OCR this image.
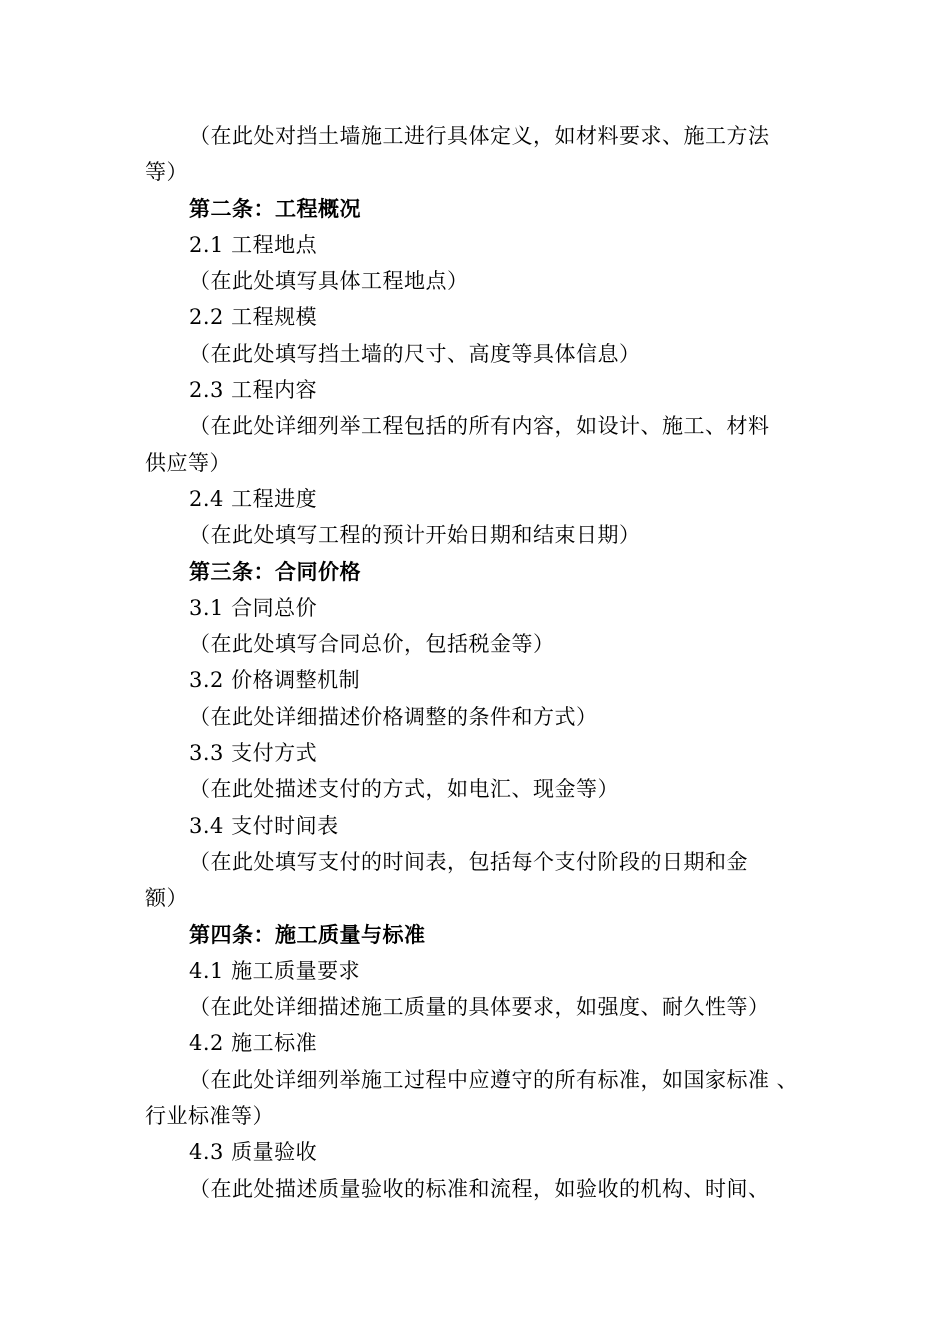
（在此处对挡土墙施工进行具体定义，如材料要求、施工方法
等）
第二条：工程概况
2.1 工程地点
（在此处填写具体工程地点）
2.2 工程规模
（在此处填写挡土墙的尺寸、高度等具体信息）
2.3 工程内容
（在此处详细列举工程包括的所有内容，如设计、施工、材料
供应等）
2.4 工程进度
（在此处填写工程的预计开始日期和结束日期）
第三条：合同价格
3.1 合同总价
（在此处填写合同总价，包括税金等）
3.2 价格调整机制
（在此处详细描述价格调整的条件和方式）
3.3 支付方式
（在此处描述支付的方式，如电汇、现金等）
3.4 支付时间表
（在此处填写支付的时间表，包括每个支付阶段的日期和金
额）
第四条：施工质量与标准
4.1 施工质量要求
（在此处详细描述施工质量的具体要求，如强度、耐久性等）
4.2 施工标准
（在此处详细列举施工过程中应遵守的所有标准，如国家标准 、
行业标准等）
4.3 质量验收
（在此处描述质量验收的标准和流程，如验收的机构、时间、
